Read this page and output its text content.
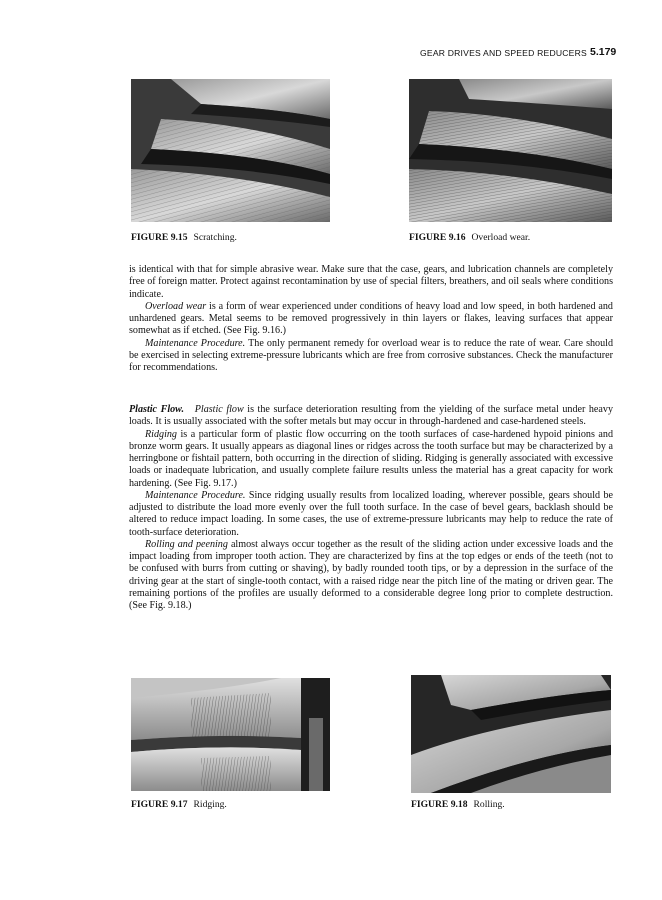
GEAR DRIVES AND SPEED REDUCERS 5.179
FIGURE 9.15 Scratching.	FIGURE 9.16 Overload wear.

is identical with that for simple abrasive wear. Make sure that the case, gears, and lubrication channels are completely free of foreign matter. Protect against recontamination by use of special filters, breathers, and oil seals where conditions indicate.

Overload wear is a form of wear experienced under conditions of heavy load and low speed, in both hardened and unhardened gears. Metal seems to be removed progressively in thin layers or flakes, leaving surfaces that appear somewhat as if etched. (See Fig. 9.16.)

Maintenance Procedure. The only permanent remedy for overload wear is to reduce the rate of wear. Care should be exercised in selecting extreme-pressure lubricants which are free from corrosive substances. Check the manufacturer for recommendations.

Plastic Flow. Plastic flow is the surface deterioration resulting from the yielding of the surface metal under heavy loads. It is usually associated with the softer metals but may occur in through-hardened and case-hardened steels.

Ridging is a particular form of plastic flow occurring on the tooth surfaces of case-hardened hypoid pinions and bronze worm gears. It usually appears as diagonal lines or ridges across the tooth surface but may be characterized by a herringbone or fishtail pattern, both occurring in the direction of sliding. Ridging is generally associated with excessive loads or inadequate lubrication, and usually complete failure results unless the material has a great capacity for work hardening. (See Fig. 9.17.)

Maintenance Procedure. Since ridging usually results from localized loading, wherever possible, gears should be adjusted to distribute the load more evenly over the full tooth surface. In the case of bevel gears, backlash should be altered to reduce impact loading. In some cases, the use of extreme-pressure lubricants may help to reduce the rate of tooth-surface deterioration.

Rolling and peening almost always occur together as the result of the sliding action under excessive loads and the impact loading from improper tooth action. They are characterized by fins at the top edges or ends of the teeth (not to be confused with burrs from cutting or shaving), by badly rounded tooth tips, or by a depression in the surface of the driving gear at the start of single-tooth contact, with a raised ridge near the pitch line of the mating or driven gear. The remaining portions of the profiles are usually deformed to a considerable degree long prior to complete destruction. (See Fig. 9.18.)

FIGURE 9.17 Ridging.	FIGURE 9.18 Rolling.
